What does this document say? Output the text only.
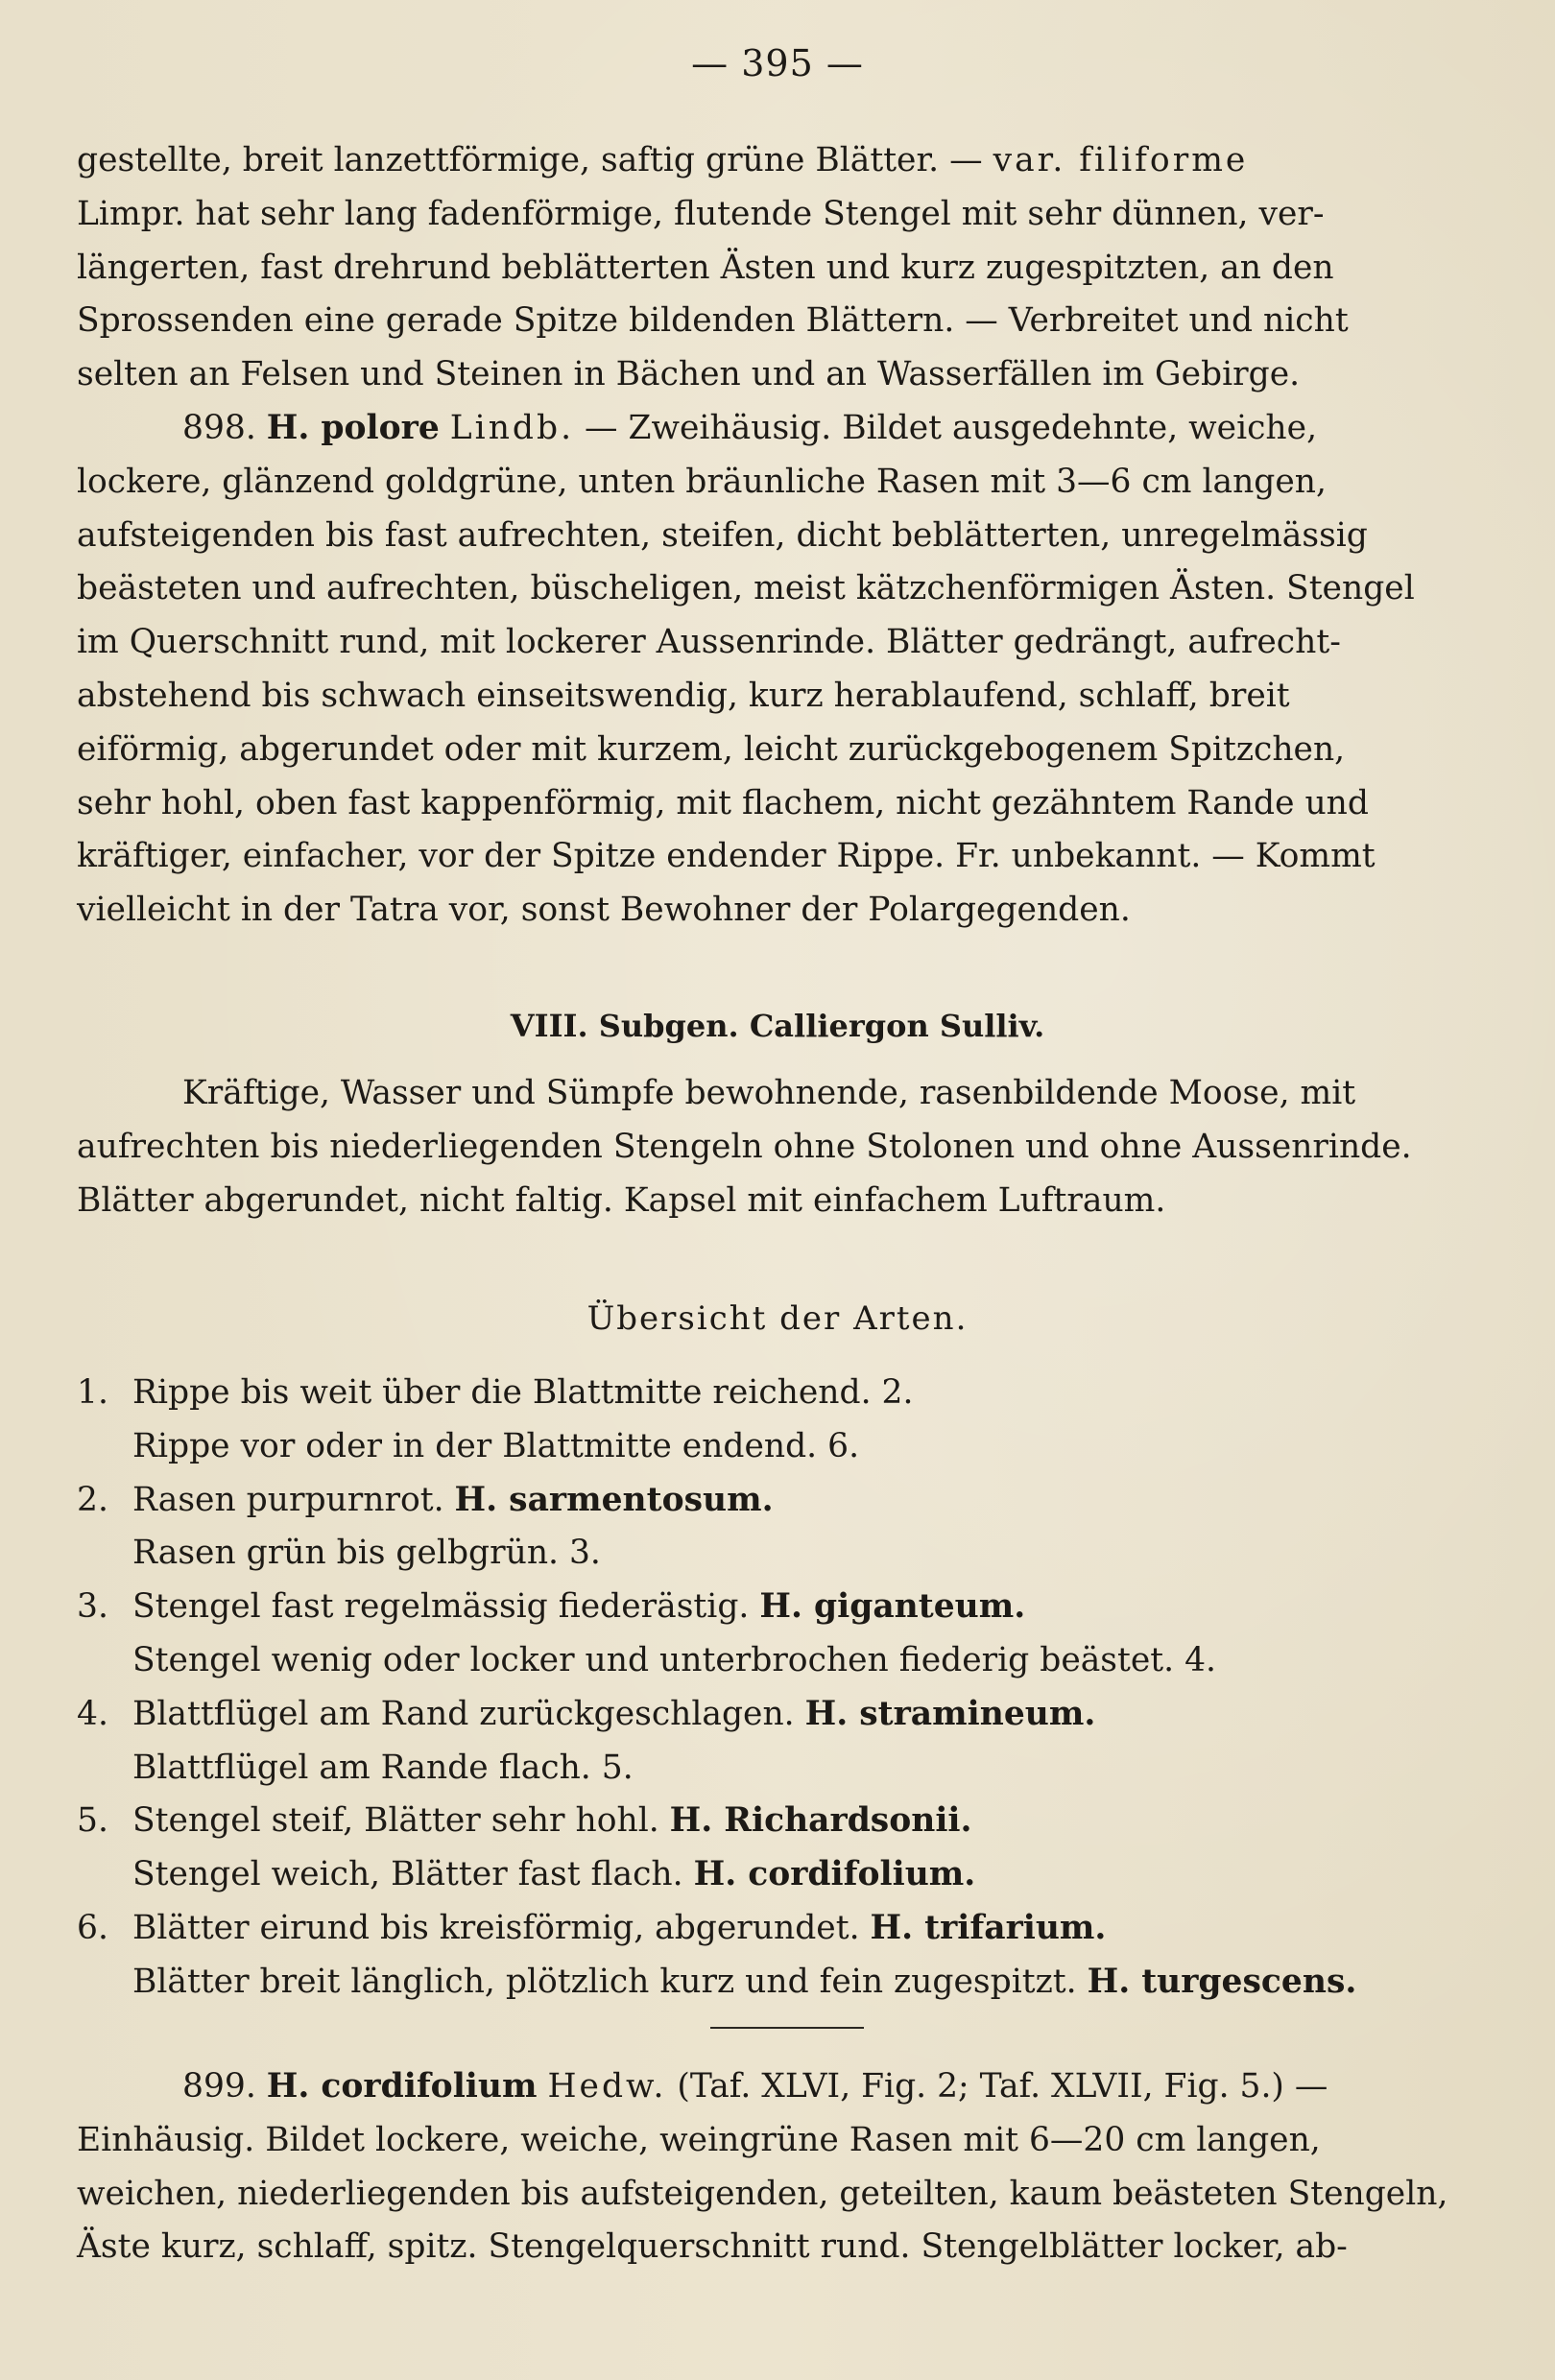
— 395 —
gestellte, breit lanzettförmige, saftig grüne Blätter. — var. filiforme
Limpr. hat sehr lang fadenförmige, flutende Stengel mit sehr dünnen, ver-
längerten, fast drehrund beblätterten Ästen und kurz zugespitzten, an den
Sprossenden eine gerade Spitze bildenden Blättern. — Verbreitet und nicht
selten an Felsen und Steinen in Bächen und an Wasserfällen im Gebirge.
898. H. polore Lindb. — Zweihäusig. Bildet ausgedehnte, weiche,
lockere, glänzend goldgrüne, unten bräunliche Rasen mit 3—6 cm langen,
aufsteigenden bis fast aufrechten, steifen, dicht beblätterten, unregelmässig
beästeten und aufrechten, büscheligen, meist kätzchenförmigen Ästen. Stengel
im Querschnitt rund, mit lockerer Aussenrinde. Blätter gedrängt, aufrecht-
abstehend bis schwach einseitswendig, kurz herablaufend, schlaff, breit
eiförmig, abgerundet oder mit kurzem, leicht zurückgebogenem Spitzchen,
sehr hohl, oben fast kappenförmig, mit flachem, nicht gezähntem Rande und
kräftiger, einfacher, vor der Spitze endender Rippe. Fr. unbekannt. — Kommt
vielleicht in der Tatra vor, sonst Bewohner der Polargegenden.
VIII. Subgen. Calliergon Sulliv.
Kräftige, Wasser und Sümpfe bewohnende, rasenbildende Moose, mit
aufrechten bis niederliegenden Stengeln ohne Stolonen und ohne Aussenrinde.
Blätter abgerundet, nicht faltig. Kapsel mit einfachem Luftraum.
Übersicht der Arten.
1. Rippe bis weit über die Blattmitte reichend. 2.
Rippe vor oder in der Blattmitte endend. 6.
2. Rasen purpurnrot. H. sarmentosum.
Rasen grün bis gelbgrün. 3.
3. Stengel fast regelmässig fiederästig. H. giganteum.
Stengel wenig oder locker und unterbrochen fiederig beästet. 4.
4. Blattflügel am Rand zurückgeschlagen. H. stramineum.
Blattflügel am Rande flach. 5.
5. Stengel steif, Blätter sehr hohl. H. Richardsonii.
Stengel weich, Blätter fast flach. H. cordifolium.
6. Blätter eirund bis kreisförmig, abgerundet. H. trifarium.
Blätter breit länglich, plötzlich kurz und fein zugespitzt. H. turgescens.
899. H. cordifolium Hedw. (Taf. XLVI, Fig. 2; Taf. XLVII, Fig. 5.) —
Einhäusig. Bildet lockere, weiche, weingrüne Rasen mit 6—20 cm langen,
weichen, niederliegenden bis aufsteigenden, geteilten, kaum beästeten Stengeln,
Äste kurz, schlaff, spitz. Stengelquerschnitt rund. Stengelblätter locker, ab-
